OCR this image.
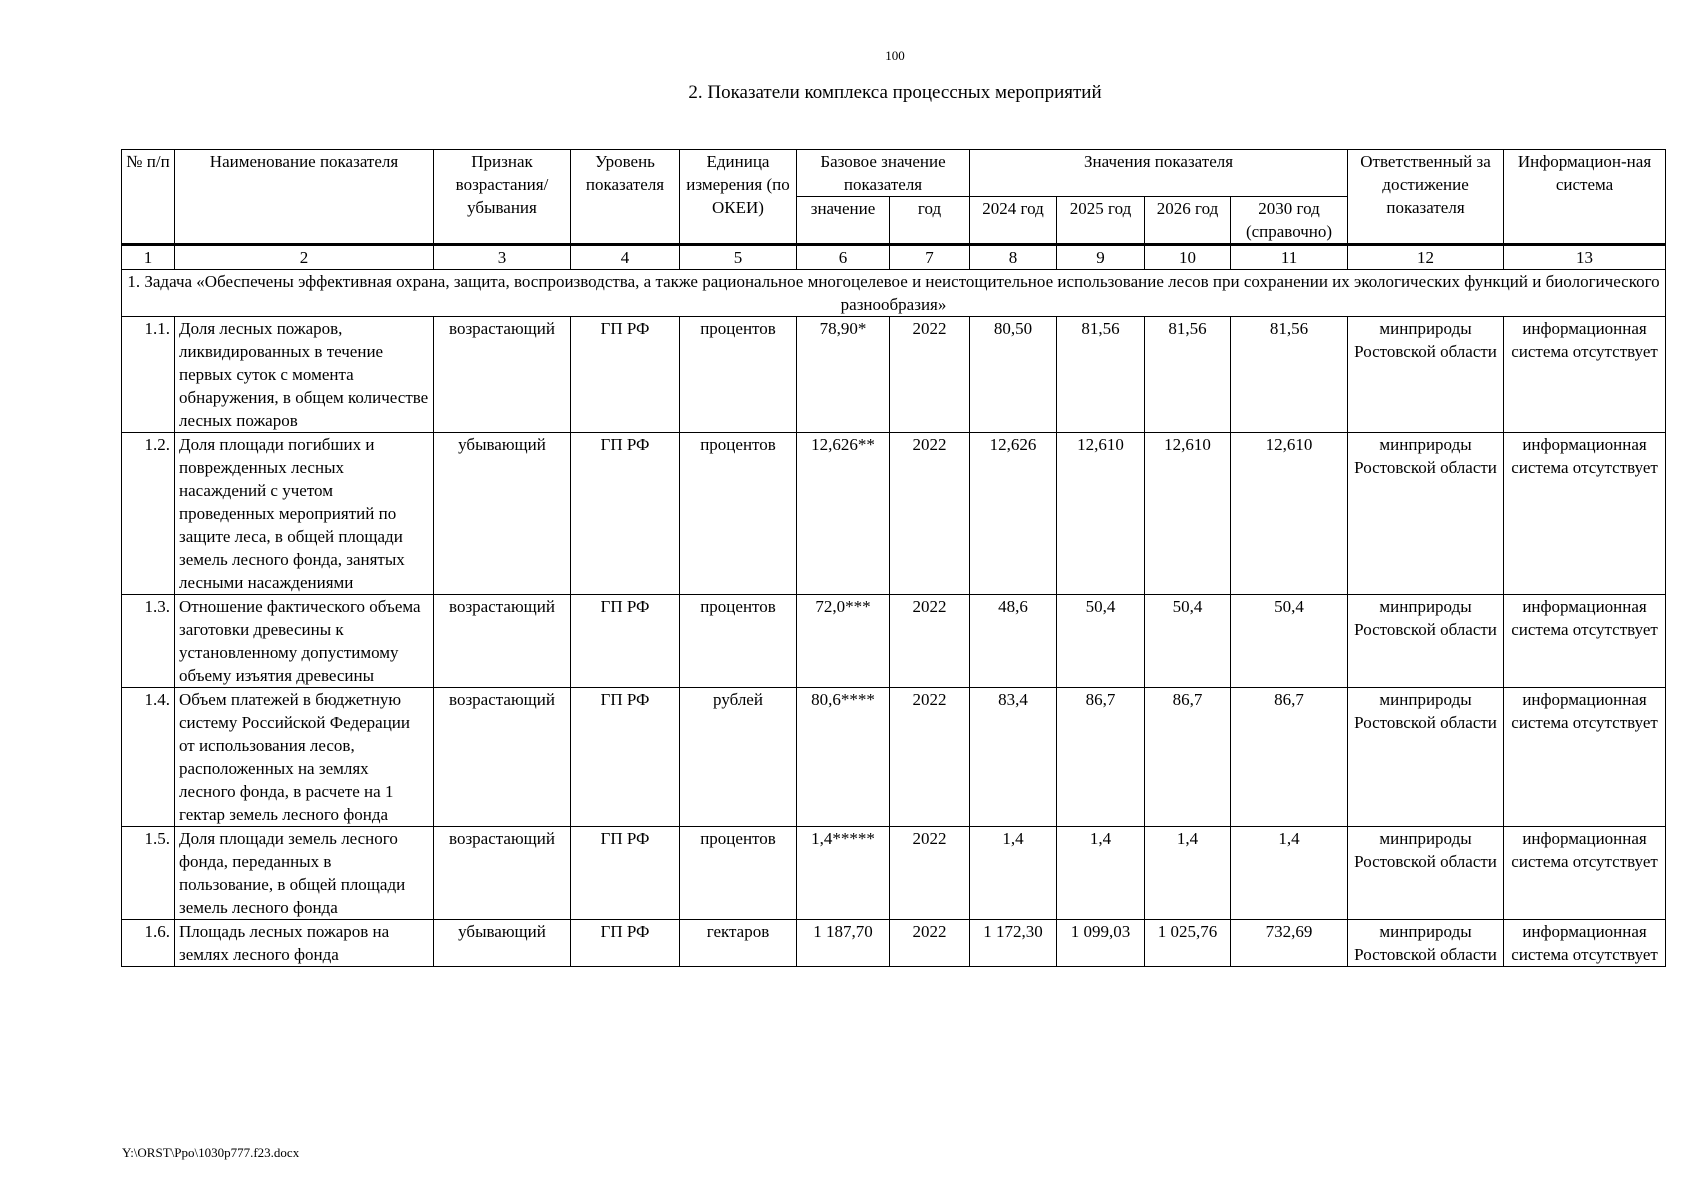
100
2. Показатели комплекса процессных мероприятий
№ п/п	Наименование показателя	Признак возрастания/ убывания	Уровень показателя	Единица измерения (по ОКЕИ)	Базовое значение показателя		Значения показателя				Ответственный за достижение показателя	Информацион-ная система
					значение	год	2024 год	2025 год	2026 год	2030 год (справочно)		
1	2	3	4	5	6	7	8	9	10	11	12	13
1. Задача «Обеспечены эффективная охрана, защита, воспроизводства, а также рациональное многоцелевое и неистощительное использование лесов при сохранении их экологических функций и биологического разнообразия»												
1.1.	Доля лесных пожаров, ликвидированных в течение первых суток с момента обнаружения, в общем количестве лесных пожаров	возрастающий	ГП РФ	процентов	78,90*	2022	80,50	81,56	81,56	81,56	минприроды Ростовской области	информационная система отсутствует
1.2.	Доля площади погибших и поврежденных лесных насаждений с учетом проведенных мероприятий по защите леса, в общей площади земель лесного фонда, занятых лесными насаждениями	убывающий	ГП РФ	процентов	12,626**	2022	12,626	12,610	12,610	12,610	минприроды Ростовской области	информационная система отсутствует
1.3.	Отношение фактического объема заготовки древесины к установленному допустимому объему изъятия древесины	возрастающий	ГП РФ	процентов	72,0***	2022	48,6	50,4	50,4	50,4	минприроды Ростовской области	информационная система отсутствует
1.4.	Объем платежей в бюджетную систему Российской Федерации от использования лесов, расположенных на землях лесного фонда, в расчете на 1 гектар земель лесного фонда	возрастающий	ГП РФ	рублей	80,6****	2022	83,4	86,7	86,7	86,7	минприроды Ростовской области	информационная система отсутствует
1.5.	Доля площади земель лесного фонда, переданных в пользование, в общей площади земель лесного фонда	возрастающий	ГП РФ	процентов	1,4*****	2022	1,4	1,4	1,4	1,4	минприроды Ростовской области	информационная система отсутствует
1.6.	Площадь лесных пожаров на землях лесного фонда	убывающий	ГП РФ	гектаров	1 187,70	2022	1 172,30	1 099,03	1 025,76	732,69	минприроды Ростовской области	информационная система отсутствует
Y:\ORST\Ppo\1030p777.f23.docx
